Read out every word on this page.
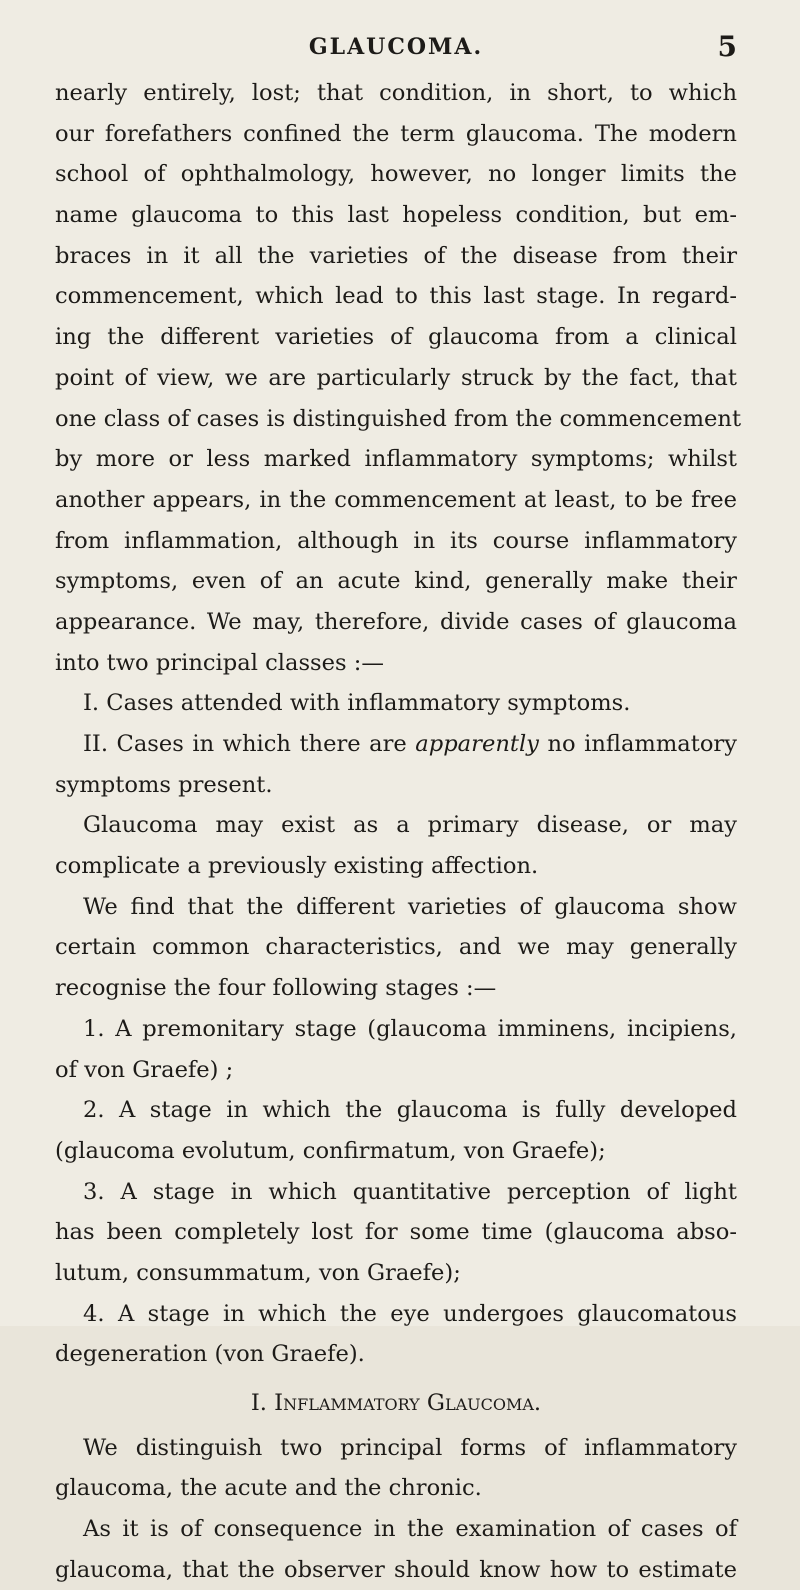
GLAUCOMA.	5
nearly entirely, lost; that condition, in short, to which
our forefathers confined the term glaucoma. The modern
school of ophthalmology, however, no longer limits the
name glaucoma to this last hopeless condition, but em-
braces in it all the varieties of the disease from their
commencement, which lead to this last stage. In regard-
ing the different varieties of glaucoma from a clinical
point of view, we are particularly struck by the fact, that
one class of cases is distinguished from the commencement
by more or less marked inflammatory symptoms; whilst
another appears, in the commencement at least, to be free
from inflammation, although in its course inflammatory
symptoms, even of an acute kind, generally make their
appearance. We may, therefore, divide cases of glaucoma
into two principal classes :—
I. Cases attended with inflammatory symptoms.
II. Cases in which there are apparently no inflammatory
symptoms present.
Glaucoma may exist as a primary disease, or may
complicate a previously existing affection.
We find that the different varieties of glaucoma show
certain common characteristics, and we may generally
recognise the four following stages :—
1. A premonitary stage (glaucoma imminens, incipiens,
of von Graefe) ;
2. A stage in which the glaucoma is fully developed
(glaucoma evolutum, confirmatum, von Graefe);
3. A stage in which quantitative perception of light
has been completely lost for some time (glaucoma abso-
lutum, consummatum, von Graefe);
4. A stage in which the eye undergoes glaucomatous
degeneration (von Graefe).
I. Inflammatory Glaucoma.
We distinguish two principal forms of inflammatory
glaucoma, the acute and the chronic.
As it is of consequence in the examination of cases of
glaucoma, that the observer should know how to estimate
